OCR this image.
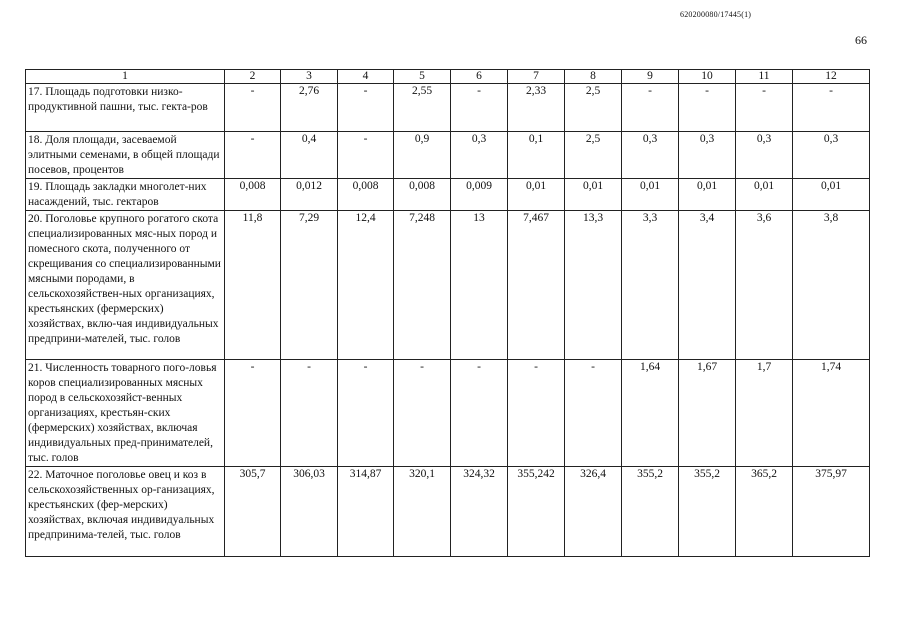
620200080/17445(1)
66
1	2	3	4	5	6	7	8	9	10	11	12
17. Площадь подготовки низко-продуктивной пашни, тыс. гекта-ров	-	2,76	-	2,55	-	2,33	2,5	-	-	-	-
18. Доля площади, засеваемой элитными семенами, в общей площади посевов, процентов	-	0,4	-	0,9	0,3	0,1	2,5	0,3	0,3	0,3	0,3
19. Площадь закладки многолет-них насаждений, тыс. гектаров	0,008	0,012	0,008	0,008	0,009	0,01	0,01	0,01	0,01	0,01	0,01
20. Поголовье крупного рогатого скота специализированных мяс-ных пород и помесного скота, полученного от скрещивания со специализированными мясными породами, в сельскохозяйствен-ных организациях, крестьянских (фермерских) хозяйствах, вклю-чая индивидуальных предприни-мателей, тыс. голов	11,8	7,29	12,4	7,248	13	7,467	13,3	3,3	3,4	3,6	3,8
21. Численность товарного пого-ловья коров специализированных мясных пород в сельскохозяйст-венных организациях, крестьян-ских (фермерских) хозяйствах, включая индивидуальных пред-принимателей, тыс. голов	-	-	-	-	-	-	-	1,64	1,67	1,7	1,74
22. Маточное поголовье овец и коз в сельскохозяйственных ор-ганизациях, крестьянских (фер-мерских) хозяйствах, включая индивидуальных предпринима-телей, тыс. голов	305,7	306,03	314,87	320,1	324,32	355,242	326,4	355,2	355,2	365,2	375,97
